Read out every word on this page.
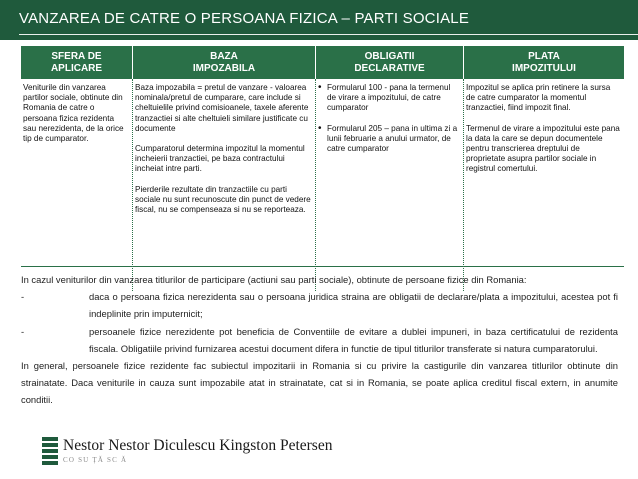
VANZAREA DE CATRE O PERSOANA FIZICA – PARTI SOCIALE
SFERA DE
APLICARE
BAZA
IMPOZABILA
OBLIGATII
DECLARATIVE
PLATA
IMPOZITULUI

Veniturile din vanzarea partilor sociale, obtinute din Romania de catre o persoana fizica rezidenta sau nerezidenta, de la orice tip de cumparator.

Baza impozabila = pretul de vanzare - valoarea nominala/pretul de cumparare, care include si cheltuielile privind comisioanele, taxele aferente tranzactiei si alte cheltuieli similare justificate cu documente

Cumparatorul determina impozitul la momentul incheierii tranzactiei, pe baza contractului incheiat intre parti.

Pierderile rezultate din tranzactiile cu parti sociale nu sunt recunoscute din punct de vedere fiscal, nu se compenseaza si nu se reporteaza.

• Formularul 100 - pana la termenul de virare a impozitului, de catre cumparator
• Formularul 205 – pana in ultima zi a lunii februarie a anului urmator, de catre cumparator

Impozitul se aplica prin retinere la sursa de catre cumparator la momentul tranzactiei, fiind impozit final.

Termenul de virare a impozitului este pana la data la care se depun documentele pentru transcrierea dreptului de proprietate asupra partilor sociale in registrul comertului.

In cazul veniturilor din vanzarea titlurilor de participare (actiuni sau parti sociale), obtinute de persoane fizice din Romania:
-	daca o persoana fizica nerezidenta sau o persoana juridica straina are obligatii de declarare/plata a impozitului, acestea pot fi indeplinite prin imputernicit;
-	persoanele fizice nerezidente pot beneficia de Conventiile de evitare a dublei impuneri, in baza certificatului de rezidenta fiscala. Obligatiile privind furnizarea acestui document difera in functie de tipul titlurilor transferate si natura cumparatorului.
In general, persoanele fizice rezidente fac subiectul impozitarii in Romania si cu privire la castigurile din vanzarea titlurilor obtinute din strainatate. Daca veniturile in cauza sunt impozabile atat in strainatate, cat si in Romania, se poate aplica creditul fiscal extern, in anumite conditii.
Nestor Nestor Diculescu Kingston Petersen
CO SU ȚĂ SC Ă
